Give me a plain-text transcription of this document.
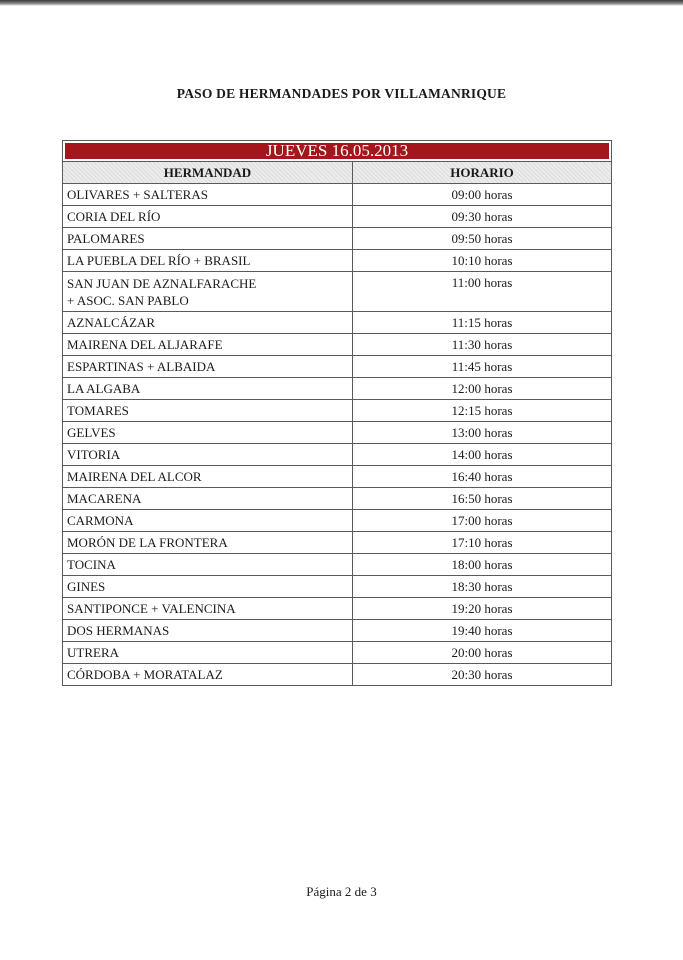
PASO DE HERMANDADES POR VILLAMANRIQUE
JUEVES 16.05.2013	
HERMANDAD	HORARIO
OLIVARES + SALTERAS	09:00 horas
CORIA DEL RÍO	09:30 horas
PALOMARES	09:50 horas
LA PUEBLA DEL RÍO + BRASIL	10:10 horas
SAN JUAN DE AZNALFARACHE
+ ASOC. SAN PABLO	11:00 horas
AZNALCÁZAR	11:15 horas
MAIRENA DEL ALJARAFE	11:30 horas
ESPARTINAS + ALBAIDA	11:45 horas
LA ALGABA	12:00 horas
TOMARES	12:15 horas
GELVES	13:00 horas
VITORIA	14:00 horas
MAIRENA DEL ALCOR	16:40 horas
MACARENA	16:50 horas
CARMONA	17:00 horas
MORÓN DE LA FRONTERA	17:10 horas
TOCINA	18:00 horas
GINES	18:30 horas
SANTIPONCE + VALENCINA	19:20 horas
DOS HERMANAS	19:40 horas
UTRERA	20:00 horas
CÓRDOBA + MORATALAZ	20:30 horas
Página 2 de 3
